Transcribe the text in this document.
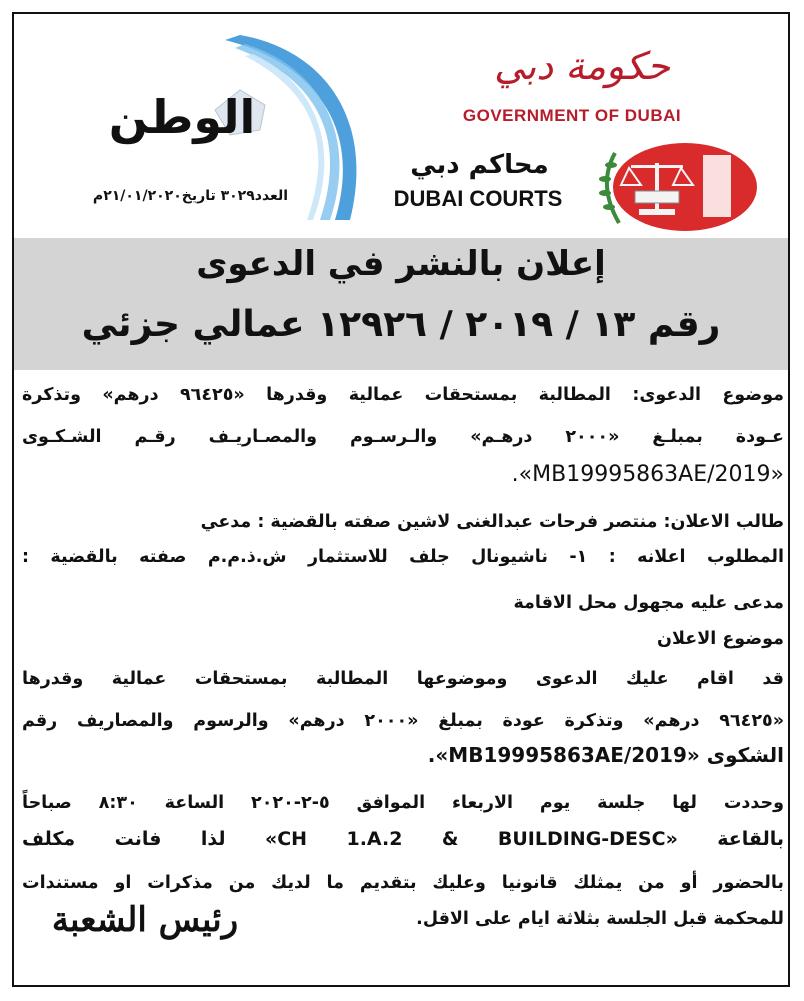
الوطن
العدد٣٠٢٩ تاريخ٢١/٠١/٢٠٢٠م
حكومة دبي
GOVERNMENT OF DUBAI
محاكم دبي
DUBAI COURTS
إعلان بالنشر في الدعوى
رقم ١٣ / ٢٠١٩ / ١٢٩٢٦ عمالي جزئي
موضوع الدعوى: المطالبة بمستحقات عمالية وقدرها «٩٦٤٢٥ درهم» وتذكرة
عـودة بمبلـغ «٢٠٠٠ درهـم» والـرسـوم والمصـاريـف رقـم الشـكـوى
«MB19995863AE/2019».
طالب الاعلان: منتصر فرحات عبدالغنى لاشين صفته بالقضية : مدعي
المطلوب اعلانه : ١- ناشيونال جلف للاستثمار ش.ذ.م.م صفته بالقضية :
مدعى عليه مجهول محل الاقامة
موضوع الاعلان
قد اقام عليك الدعوى وموضوعها المطالبة بمستحقات عمالية وقدرها
«٩٦٤٢٥ درهم» وتذكرة عودة بمبلغ «٢٠٠٠ درهم» والرسوم والمصاريف رقم
الشكوى «MB19995863AE/2019».
وحددت لها جلسة يوم الاربعاء الموافق ٥-٢-٢٠٢٠ الساعة ٨:٣٠ صباحاً
بالقاعة «CH 1.A.2 & BUILDING-DESC» لذا فانت مكلف
بالحضور أو من يمثلك قانونيا وعليك بتقديم ما لديك من مذكرات او مستندات
للمحكمة قبل الجلسة بثلاثة ايام على الاقل.
رئيس الشعبة
